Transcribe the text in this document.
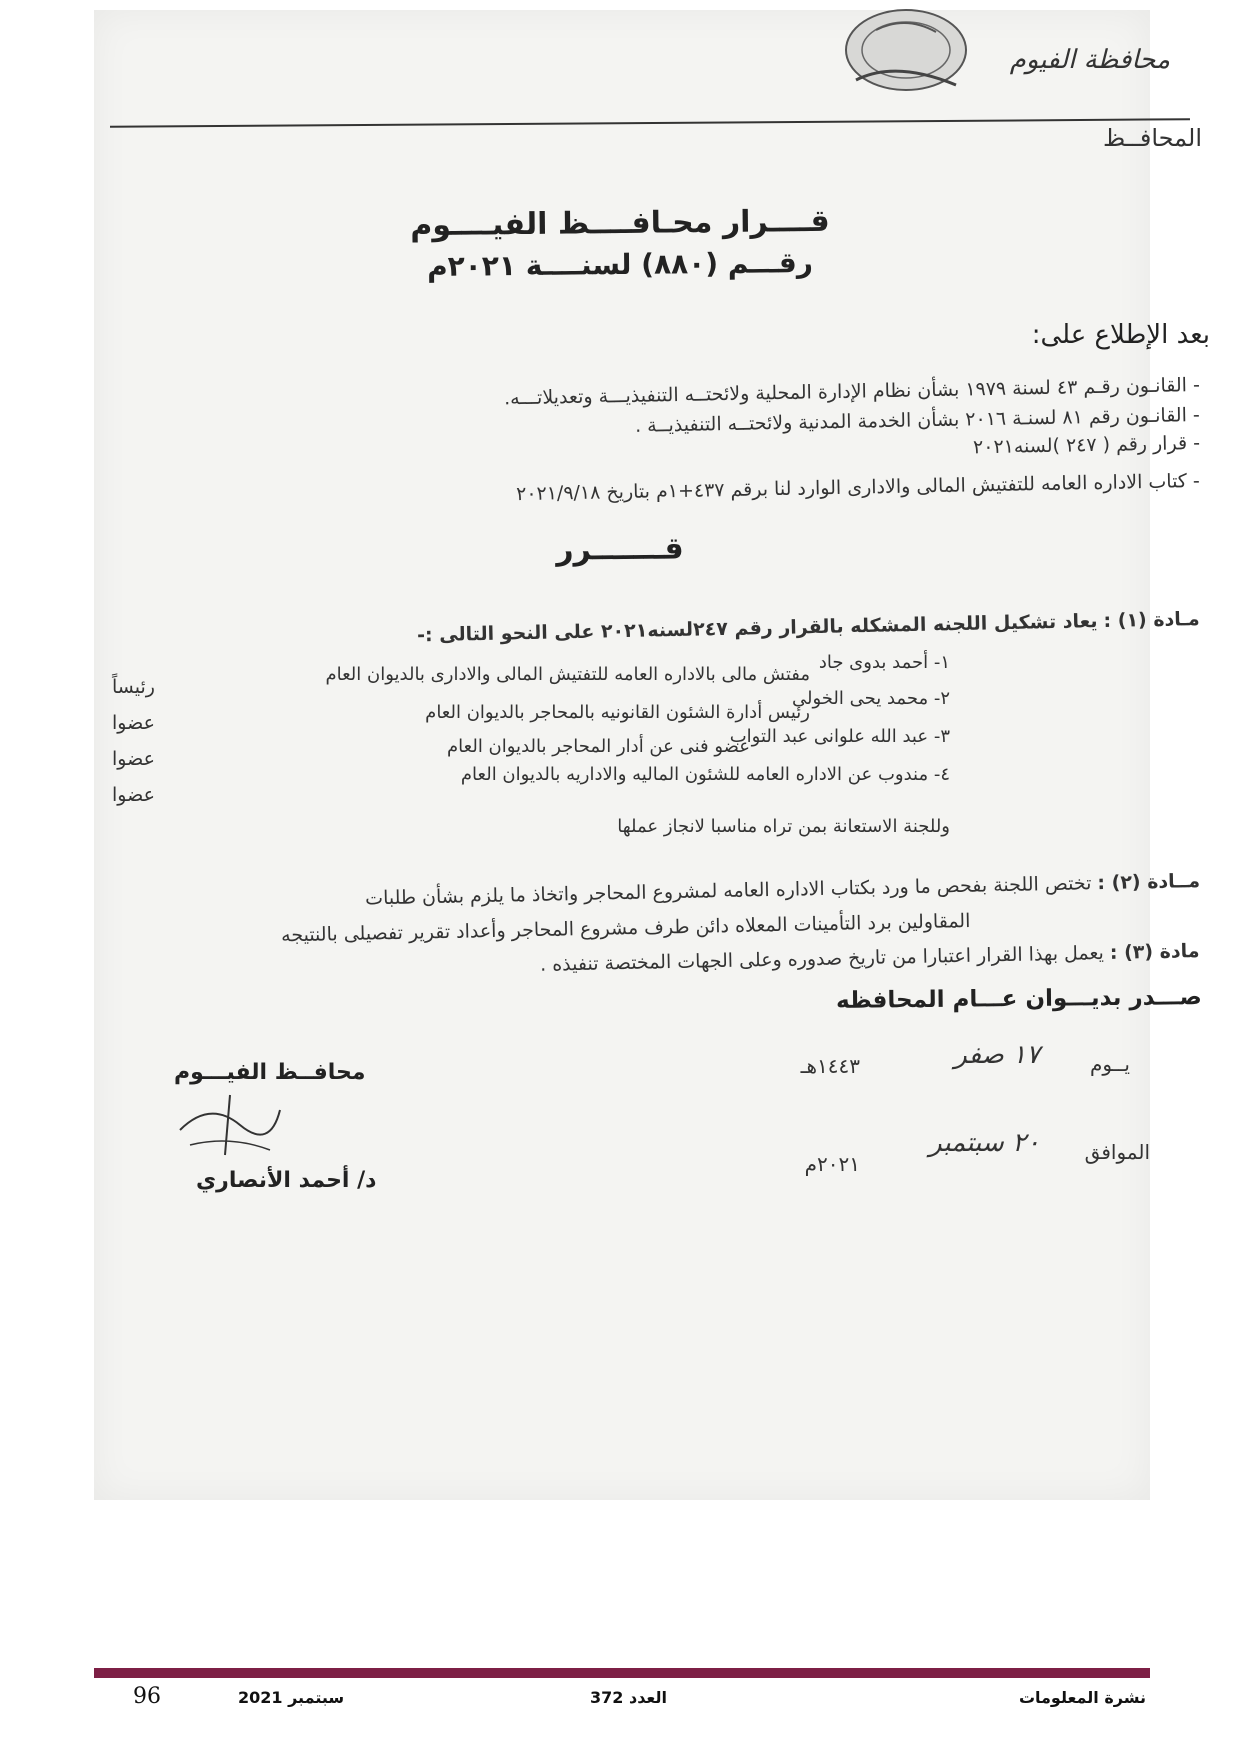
محافظة الفيوم
المحافــظ
قــــرار محـافــــظ الفيــــوم
رقـــم (٨٨٠) لسنــــة ٢٠٢١م
بعد الإطلاع على:
- القانـون رقـم ٤٣ لسنة ١٩٧٩ بشأن نظام الإدارة المحلية ولائحتــه التنفيذيـــة وتعديلاتـــه.
- القانـون رقم ٨١ لسنـة ٢٠١٦ بشأن الخدمة المدنية ولائحتــه التنفيذيــة .
- قرار رقم ( ٢٤٧ )لسنه٢٠٢١
- كتاب الاداره العامه للتفتيش المالى والادارى الوارد لنا برقم ٤٣٧+١م بتاريخ ٢٠٢١/٩/١٨
قـــــــرر
مـادة (١) : يعاد تشكيل اللجنه المشكله بالقرار رقم ٢٤٧لسنه٢٠٢١ على النحو التالى :-
١- أحمد بدوى جاد
مفتش مالى بالاداره العامه للتفتيش المالى والادارى بالديوان العام
رئيساً
٢- محمد يحى الخولى
رئيس أدارة الشئون القانونيه بالمحاجر بالديوان العام
عضوا
٣- عبد الله علوانى عبد التواب
عضو فنى عن أدار المحاجر بالديوان العام
عضوا
٤- مندوب عن الاداره العامه للشئون الماليه والاداريه بالديوان العام
عضوا
وللجنة الاستعانة بمن تراه مناسبا لانجاز عملها
مــادة (٢) : تختص اللجنة بفحص ما ورد بكتاب الاداره العامه لمشروع المحاجر واتخاذ ما يلزم بشأن طلبات
المقاولين برد التأمينات المعلاه دائن طرف مشروع المحاجر وأعداد تقرير تفصيلى بالنتيجه
مادة (٣) : يعمل بهذا القرار اعتبارا من تاريخ صدوره وعلى الجهات المختصة تنفيذه .
صـــدر بديـــوان عـــام المحافظه
يــوم
١٧ صفر
١٤٤٣هـ
الموافق
٢٠ سبتمبر
٢٠٢١م
محافــظ الفيـــوم
د/ أحمد الأنصاري
نشرة المعلومات
العدد 372
سبتمبر 2021
96
